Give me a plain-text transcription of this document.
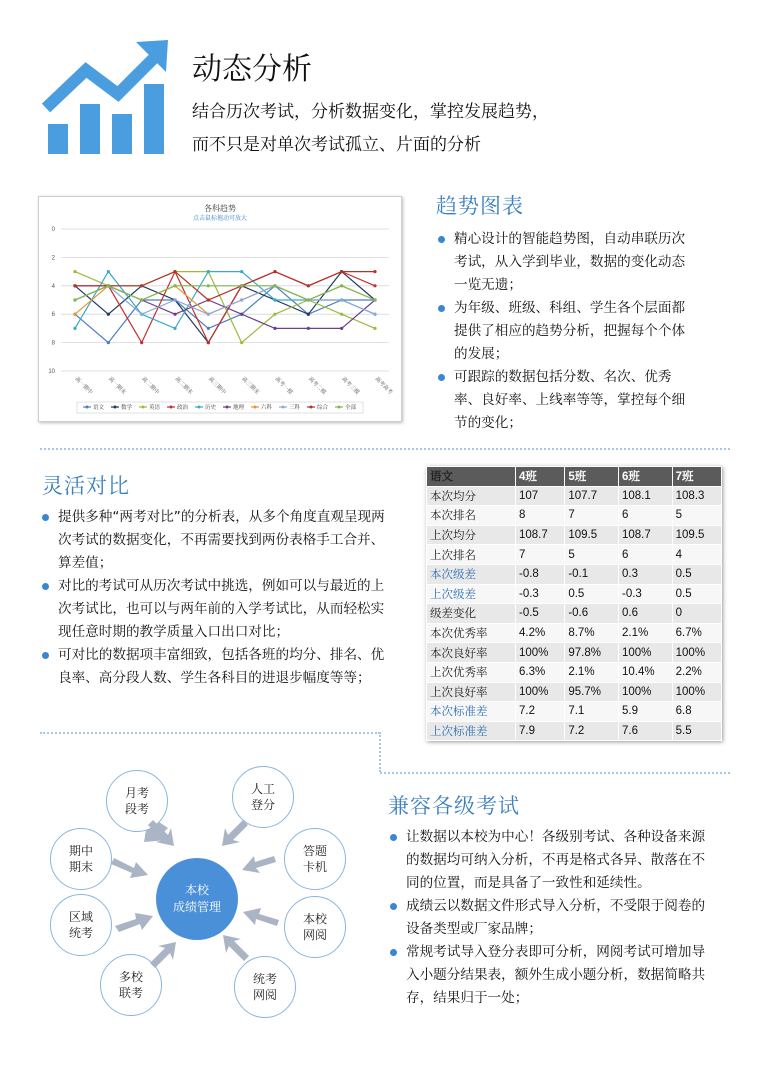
动态分析
结合历次考试，分析数据变化，掌控发展趋势，
而不只是对单次考试孤立、片面的分析
各科趋势
点击鼠标拖动可放大
0
2
4
6
8
10
高一期中	高一期末	高二期中	高二期末	高三期中	高三期末	高考一模	高考二模	高考三模	高考高考
语文	数学	英语	政治	历史	地理	六科	三科	综合	全部
趋势图表
精心设计的智能趋势图，自动串联历次考试，从入学到毕业，数据的变化动态一览无遗；
为年级、班级、科组、学生各个层面都提供了相应的趋势分析，把握每个个体的发展；
可跟踪的数据包括分数、名次、优秀率、良好率、上线率等等，掌控每个细节的变化；
灵活对比
提供多种“两考对比”的分析表，从多个角度直观呈现两次考试的数据变化，不再需要找到两份表格手工合并、算差值；
对比的考试可从历次考试中挑选，例如可以与最近的上次考试比，也可以与两年前的入学考试比，从而轻松实现任意时期的教学质量入口出口对比；
可对比的数据项丰富细致，包括各班的均分、排名、优良率、高分段人数、学生各科目的进退步幅度等等；
语文	4班	5班	6班	7班
本次均分	107	107.7	108.1	108.3
本次排名	8	7	6	5
上次均分	108.7	109.5	108.7	109.5
上次排名	7	5	6	4
本次级差	-0.8	-0.1	0.3	0.5
上次级差	-0.3	0.5	-0.3	0.5
级差变化	-0.5	-0.6	0.6	0
本次优秀率	4.2%	8.7%	2.1%	6.7%
本次良好率	100%	97.8%	100%	100%
上次优秀率	6.3%	2.1%	10.4%	2.2%
上次良好率	100%	95.7%	100%	100%
本次标准差	7.2	7.1	5.9	6.8
上次标准差	7.9	7.2	7.6	5.5
本校
成绩管理
月考
段考
人工
登分
答题
卡机
本校
网阅
统考
网阅
多校
联考
区域
统考
期中
期末
兼容各级考试
让数据以本校为中心！各级别考试、各种设备来源的数据均可纳入分析，不再是格式各异、散落在不同的位置，而是具备了一致性和延续性。
成绩云以数据文件形式导入分析，不受限于阅卷的设备类型或厂家品牌；
常规考试导入登分表即可分析，网阅考试可增加导入小题分结果表，额外生成小题分析，数据简略共存，结果归于一处；
